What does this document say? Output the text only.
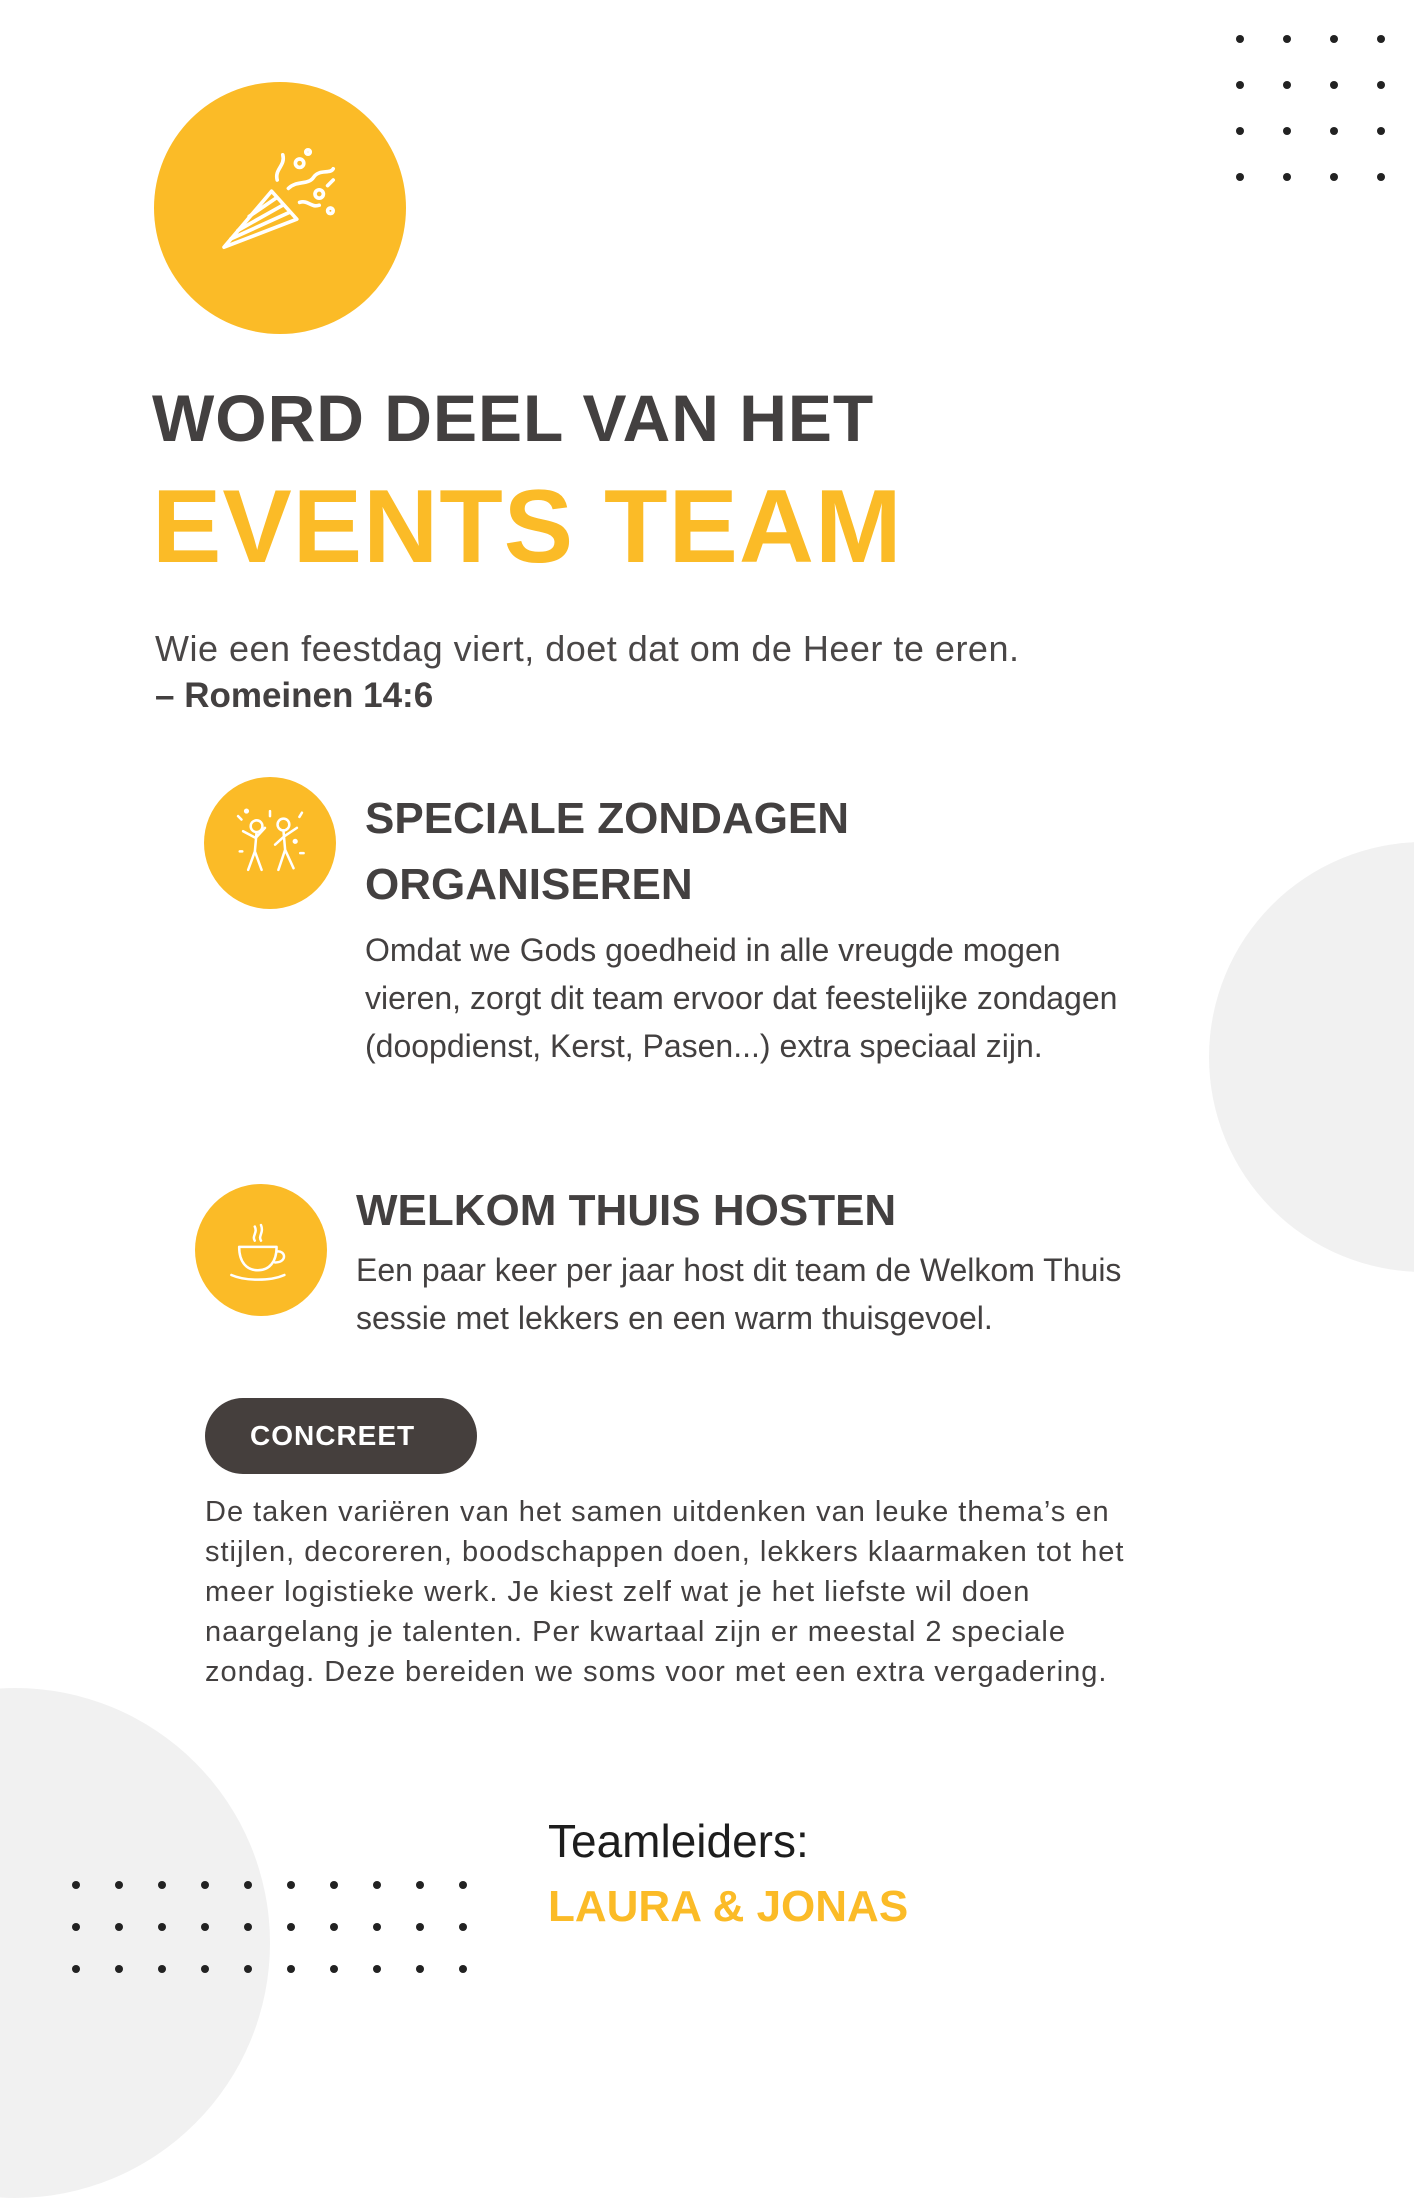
WORD DEEL VAN HET
EVENTS TEAM

Wie een feestdag viert, doet dat om de Heer te eren.

– Romeinen 14:6

SPECIALE ZONDAGEN
ORGANISEREN

Omdat we Gods goedheid in alle vreugde mogen vieren, zorgt dit team ervoor dat feestelijke zondagen (doopdienst, Kerst, Pasen...) extra speciaal zijn.

WELKOM THUIS HOSTEN

Een paar keer per jaar host dit team de Welkom Thuis sessie met lekkers en een warm thuisgevoel.

CONCREET

De taken variëren van het samen uitdenken van leuke thema’s en stijlen, decoreren, boodschappen doen, lekkers klaarmaken tot het meer logistieke werk. Je kiest zelf wat je het liefste wil doen naargelang je talenten. Per kwartaal zijn er meestal 2 speciale zondag. Deze bereiden we soms voor met een extra vergadering.

Teamleiders:

LAURA & JONAS
